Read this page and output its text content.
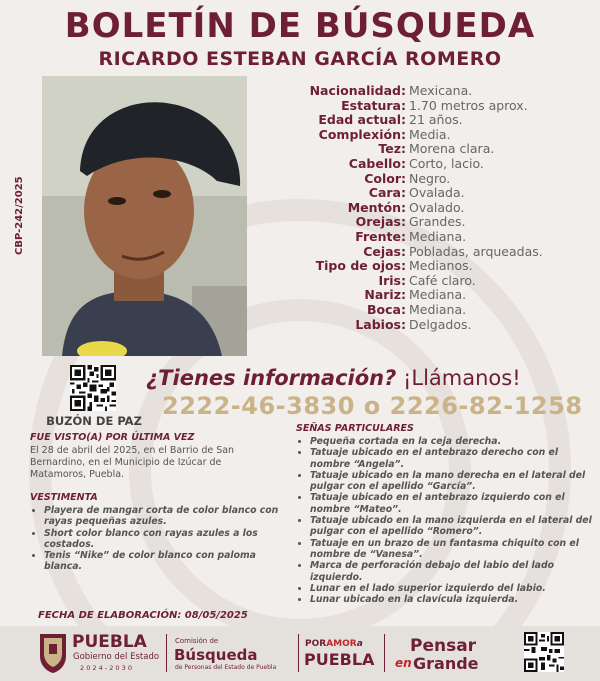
BOLETÍN DE BÚSQUEDA
RICARDO ESTEBAN GARCÍA ROMERO
CBP-242/2025
Nacionalidad: Mexicana.
Estatura: 1.70 metros aprox.
Edad actual: 21 años.
Complexión: Media.
Tez: Morena clara.
Cabello: Corto, lacio.
Color: Negro.
Cara: Ovalada.
Mentón: Ovalado.
Orejas: Grandes.
Frente: Mediana.
Cejas: Pobladas, arqueadas.
Tipo de ojos: Medianos.
Iris: Café claro.
Nariz: Mediana.
Boca: Mediana.
Labios: Delgados.
BUZÓN DE PAZ
¿Tienes información? ¡Llámanos!
2222-46-3830 o 2226-82-1258
FUE VISTO(A) POR ÚLTIMA VEZ
El 28 de abril del 2025, en el Barrio de San Bernardino, en el Municipio de Izúcar de Matamoros, Puebla.
VESTIMENTA
• Playera de mangar corta de color blanco con rayas pequeñas azules.
• Short color blanco con rayas azules a los costados.
• Tenis “Nike” de color blanco con paloma blanca.
SEÑAS PARTICULARES
• Pequeña cortada en la ceja derecha.
• Tatuaje ubicado en el antebrazo derecho con el nombre “Angela”.
• Tatuaje ubicado en la mano derecha en el lateral del pulgar con el apellido “García”.
• Tatuaje ubicado en el antebrazo izquierdo con el nombre “Mateo”.
• Tatuaje ubicado en la mano izquierda en el lateral del pulgar con el apellido “Romero”.
• Tatuaje en un brazo de un fantasma chiquito con el nombre de “Vanesa”.
• Marca de perforación debajo del labio del lado izquierdo.
• Lunar en el lado superior izquierdo del labio.
• Lunar ubicado en la clavícula izquierda.
FECHA DE ELABORACIÓN: 08/05/2025
PUEBLA
Gobierno del Estado
2 0 2 4 - 2 0 3 0
Comisión de
Búsqueda
de Personas del Estado de Puebla
PORAMORa
PUEBLA
Pensar
en Grande
